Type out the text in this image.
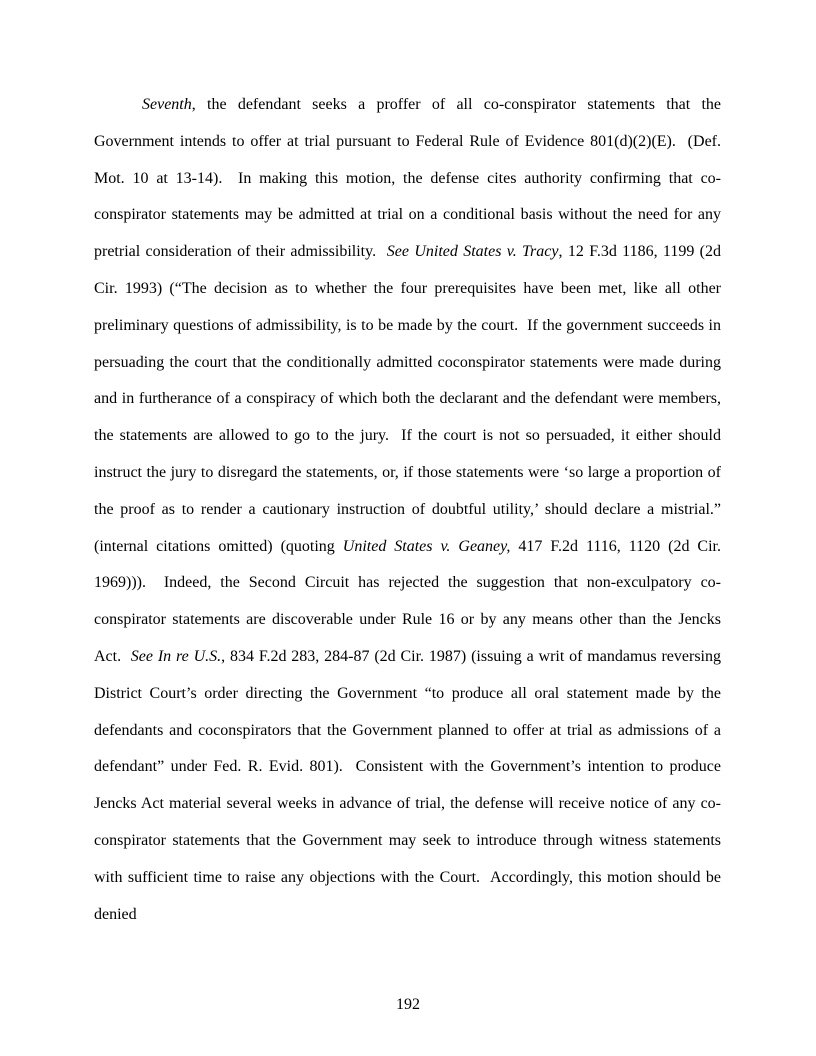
Seventh, the defendant seeks a proffer of all co-conspirator statements that the Government intends to offer at trial pursuant to Federal Rule of Evidence 801(d)(2)(E).  (Def. Mot. 10 at 13-14).  In making this motion, the defense cites authority confirming that co-conspirator statements may be admitted at trial on a conditional basis without the need for any pretrial consideration of their admissibility.  See United States v. Tracy, 12 F.3d 1186, 1199 (2d Cir. 1993) (“The decision as to whether the four prerequisites have been met, like all other preliminary questions of admissibility, is to be made by the court.  If the government succeeds in persuading the court that the conditionally admitted coconspirator statements were made during and in furtherance of a conspiracy of which both the declarant and the defendant were members, the statements are allowed to go to the jury.  If the court is not so persuaded, it either should instruct the jury to disregard the statements, or, if those statements were ‘so large a proportion of the proof as to render a cautionary instruction of doubtful utility,’ should declare a mistrial.” (internal citations omitted) (quoting United States v. Geaney, 417 F.2d 1116, 1120 (2d Cir. 1969))).  Indeed, the Second Circuit has rejected the suggestion that non-exculpatory co-conspirator statements are discoverable under Rule 16 or by any means other than the Jencks Act.  See In re U.S., 834 F.2d 283, 284-87 (2d Cir. 1987) (issuing a writ of mandamus reversing District Court’s order directing the Government “to produce all oral statement made by the defendants and coconspirators that the Government planned to offer at trial as admissions of a defendant” under Fed. R. Evid. 801).  Consistent with the Government’s intention to produce Jencks Act material several weeks in advance of trial, the defense will receive notice of any co-conspirator statements that the Government may seek to introduce through witness statements with sufficient time to raise any objections with the Court.  Accordingly, this motion should be denied

192
